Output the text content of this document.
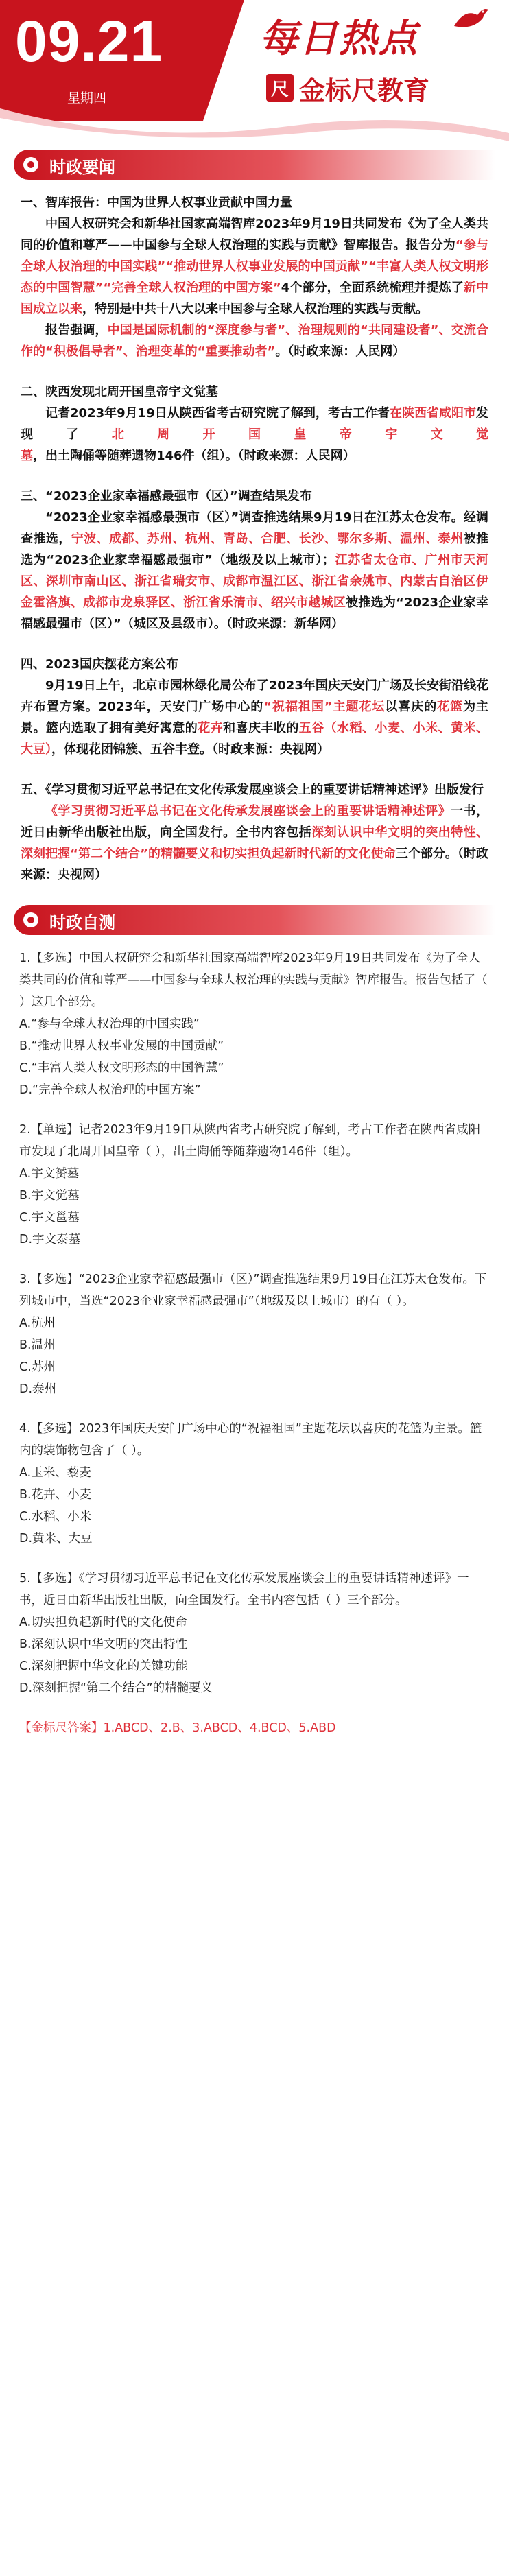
09.21
星期四
每日热点
尺 金标尺教育
时政要闻
一、智库报告：中国为世界人权事业贡献中国力量
中国人权研究会和新华社国家高端智库2023年9月19日共同发布《为了全人类共同的价值和尊严——中国参与全球人权治理的实践与贡献》智库报告。报告分为“参与全球人权治理的中国实践”“推动世界人权事业发展的中国贡献”“丰富人类人权文明形态的中国智慧”“完善全球人权治理的中国方案”4个部分，全面系统梳理并提炼了新中国成立以来，特别是中共十八大以来中国参与全球人权治理的实践与贡献。
报告强调，中国是国际机制的“深度参与者”、治理规则的“共同建设者”、交流合作的“积极倡导者”、治理变革的“重要推动者”。（时政来源：人民网）
二、陕西发现北周开国皇帝宇文觉墓
记者2023年9月19日从陕西省考古研究院了解到，考古工作者在陕西省咸阳市发现了北周开国皇帝宇文觉墓，出土陶俑等随葬遗物146件（组）。（时政来源：人民网）
三、“2023企业家幸福感最强市（区）”调查结果发布
“2023企业家幸福感最强市（区）”调查推选结果9月19日在江苏太仓发布。经调查推选，宁波、成都、苏州、杭州、青岛、合肥、长沙、鄂尔多斯、温州、泰州被推选为“2023企业家幸福感最强市”（地级及以上城市）；江苏省太仓市、广州市天河区、深圳市南山区、浙江省瑞安市、成都市温江区、浙江省余姚市、内蒙古自治区伊金霍洛旗、成都市龙泉驿区、浙江省乐清市、绍兴市越城区被推选为“2023企业家幸福感最强市（区）”（城区及县级市）。（时政来源：新华网）
四、2023国庆摆花方案公布
9月19日上午，北京市园林绿化局公布了2023年国庆天安门广场及长安街沿线花卉布置方案。2023年，天安门广场中心的“祝福祖国”主题花坛以喜庆的花篮为主景。篮内选取了拥有美好寓意的花卉和喜庆丰收的五谷（水稻、小麦、小米、黄米、大豆），体现花团锦簇、五谷丰登。（时政来源：央视网）
五、《学习贯彻习近平总书记在文化传承发展座谈会上的重要讲话精神述评》出版发行
《学习贯彻习近平总书记在文化传承发展座谈会上的重要讲话精神述评》一书，近日由新华出版社出版，向全国发行。全书内容包括深刻认识中华文明的突出特性、深刻把握“第二个结合”的精髓要义和切实担负起新时代新的文化使命三个部分。（时政来源：央视网）
时政自测
1.【多选】中国人权研究会和新华社国家高端智库2023年9月19日共同发布《为了全人类共同的价值和尊严——中国参与全球人权治理的实践与贡献》智库报告。报告包括了（ ）这几个部分。
A.“参与全球人权治理的中国实践”
B.“推动世界人权事业发展的中国贡献”
C.“丰富人类人权文明形态的中国智慧”
D.“完善全球人权治理的中国方案”
2.【单选】记者2023年9月19日从陕西省考古研究院了解到，考古工作者在陕西省咸阳市发现了北周开国皇帝（ ），出土陶俑等随葬遗物146件（组）。
A.宇文赟墓
B.宇文觉墓
C.宇文邕墓
D.宇文泰墓
3.【多选】“2023企业家幸福感最强市（区）”调查推选结果9月19日在江苏太仓发布。下列城市中，当选“2023企业家幸福感最强市”（地级及以上城市）的有（ ）。
A.杭州
B.温州
C.苏州
D.泰州
4.【多选】2023年国庆天安门广场中心的“祝福祖国”主题花坛以喜庆的花篮为主景。篮内的装饰物包含了（ ）。
A.玉米、藜麦
B.花卉、小麦
C.水稻、小米
D.黄米、大豆
5.【多选】《学习贯彻习近平总书记在文化传承发展座谈会上的重要讲话精神述评》一书，近日由新华出版社出版，向全国发行。全书内容包括（ ）三个部分。
A.切实担负起新时代的文化使命
B.深刻认识中华文明的突出特性
C.深刻把握中华文化的关键功能
D.深刻把握“第二个结合”的精髓要义
【金标尺答案】1.ABCD、2.B、3.ABCD、4.BCD、5.ABD
